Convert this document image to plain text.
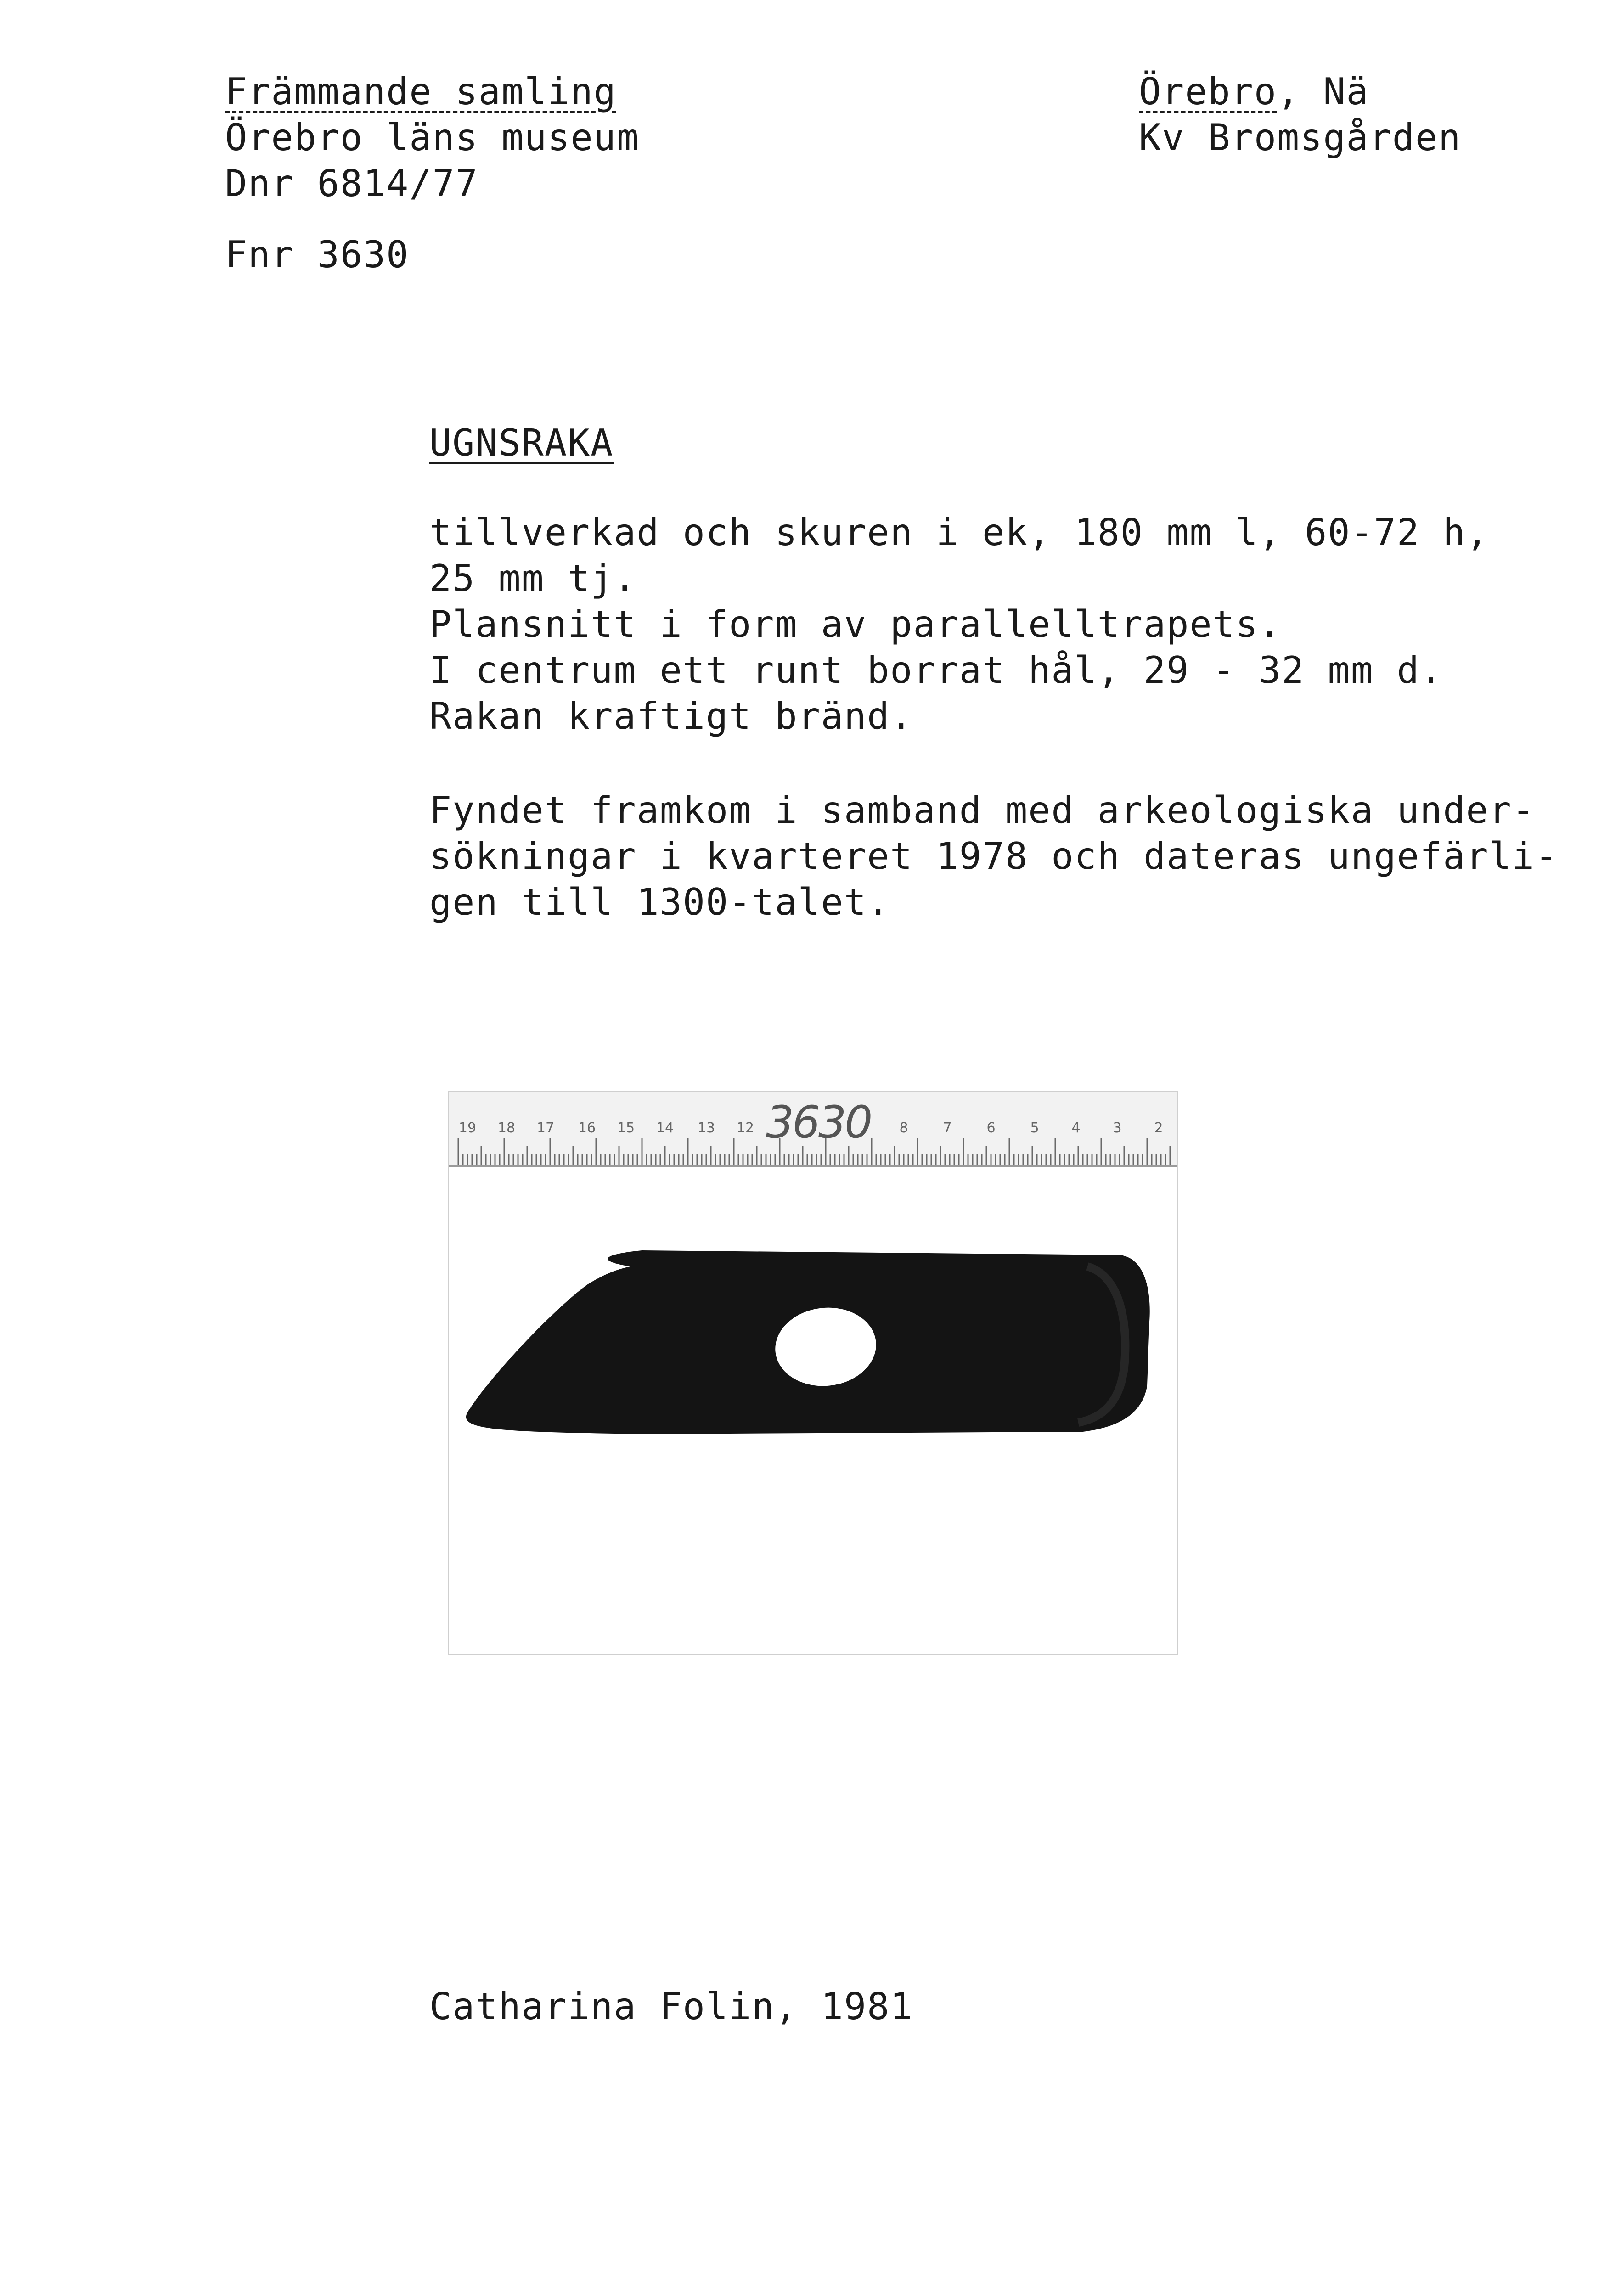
Främmande samling
Örebro läns museum
Dnr 6814/77
Örebro, Nä
Kv Bromsgården
Fnr 3630
UGNSRAKA
tillverkad och skuren i ek, 180 mm l, 60-72 h,
25 mm tj.
Plansnitt i form av parallelltrapets.
I centrum ett runt borrat hål, 29 - 32 mm d.
Rakan kraftigt bränd.
Fyndet framkom i samband med arkeologiska under-
sökningar i kvarteret 1978 och dateras ungefärli-
gen till 1300-talet.
19 18 17 16 15 14 13 12	8	7	6	5 4 3 2
3630
Catharina Folin, 1981
